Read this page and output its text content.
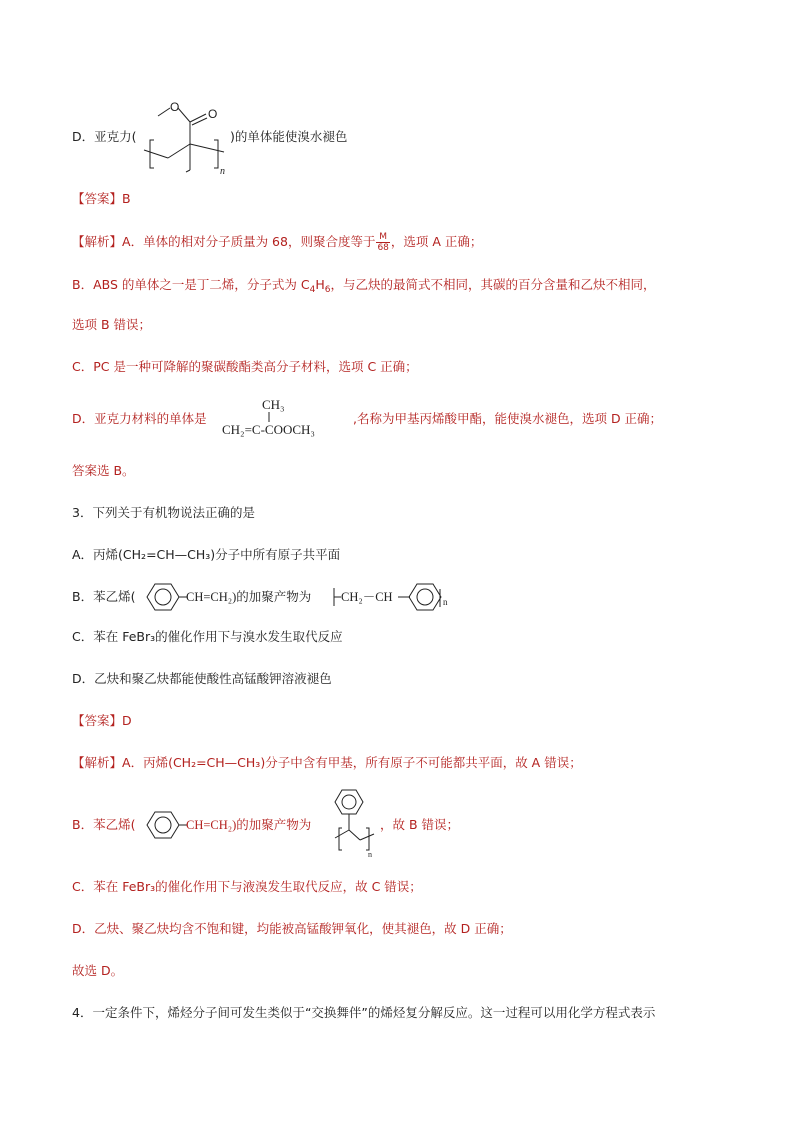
D．亚克力(
O O
n
)的单体能使溴水褪色
【答案】B
【解析】A．单体的相对分子质量为 68，则聚合度等于 $\frac{M}{68}$ ，选项 A 正确；
B．ABS 的单体之一是丁二烯，分子式为 $C_4H_6$，与乙炔的最简式不相同，其碳的百分含量和乙炔不相同，
选项 B 错误；
C．PC 是一种可降解的聚碳酸酯类高分子材料，选项 C 正确；
D．亚克力材料的单体是
CH₃
CH₂=C-COOCH₃
,名称为甲基丙烯酸甲酯，能使溴水褪色，选项 D 正确；
答案选 B。
3．下列关于有机物说法正确的是
A．丙烯(CH₂=CH—CH₃)分子中所有原子共平面
B．苯乙烯(	CH=CH₂)的加聚产物为 CH₂－CH	n
C．苯在 FeBr₃的催化作用下与溴水发生取代反应
D．乙炔和聚乙炔都能使酸性高锰酸钾溶液褪色
【答案】D
【解析】A．丙烯(CH₂=CH—CH₃)分子中含有甲基，所有原子不可能都共平面，故 A 错误；
B．苯乙烯(	CH=CH₂)的加聚产物为
n
，故 B 错误；
C．苯在 FeBr₃的催化作用下与液溴发生取代反应，故 C 错误；
D．乙炔、聚乙炔均含不饱和键，均能被高锰酸钾氧化，使其褪色，故 D 正确；
故选 D。
4．一定条件下，烯烃分子间可发生类似于“交换舞伴”的烯烃复分解反应。这一过程可以用化学方程式表示
